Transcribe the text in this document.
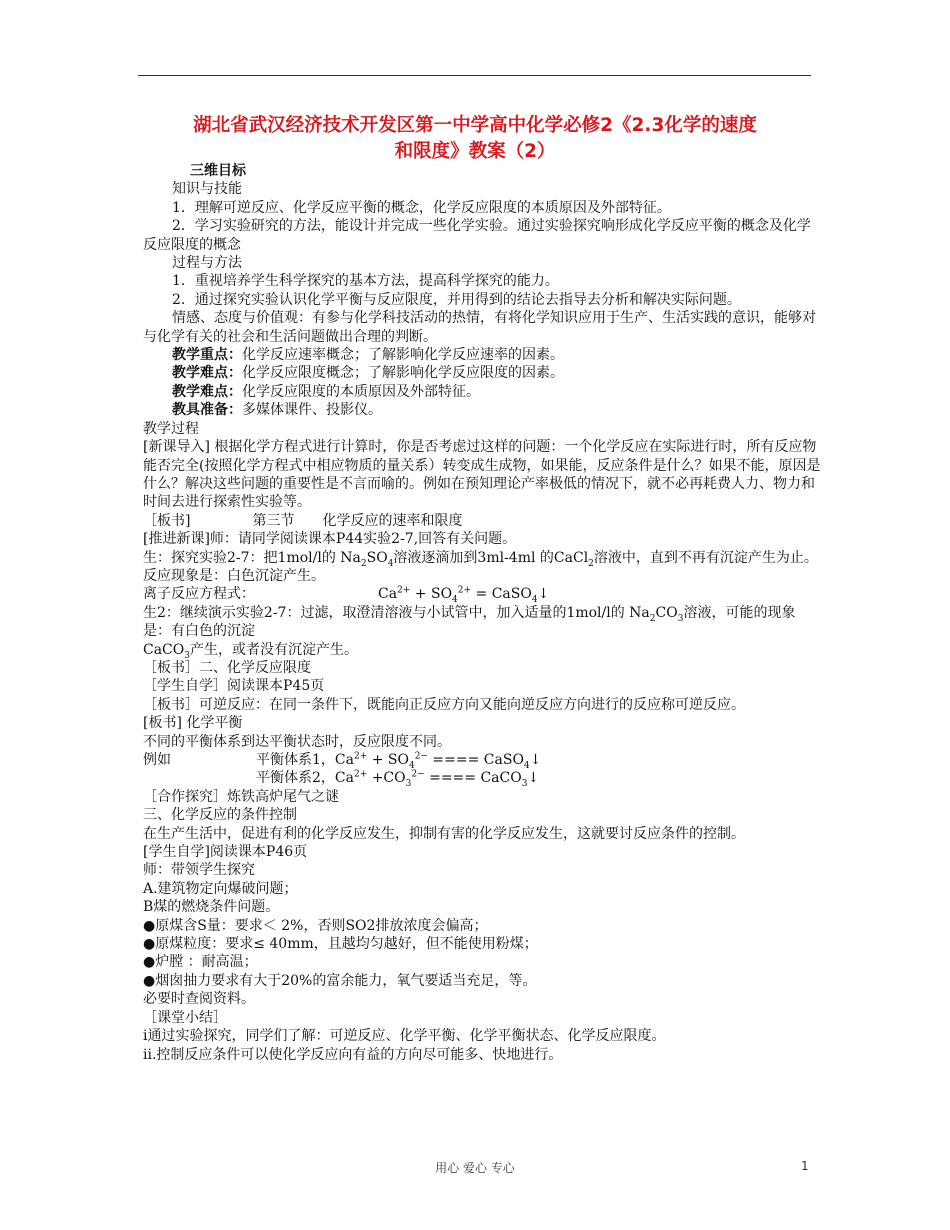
湖北省武汉经济技术开发区第一中学高中化学必修2《2.3化学的速度
和限度》教案（2）

三维目标

知识与技能

1．理解可逆反应、化学反应平衡的概念，化学反应限度的本质原因及外部特征。

2．学习实验研究的方法，能设计并完成一些化学实验。通过实验探究响形成化学反应平衡的概念及化学反应限度的概念

过程与方法

1．重视培养学生科学探究的基本方法，提高科学探究的能力。

2．通过探究实验认识化学平衡与反应限度，并用得到的结论去指导去分析和解决实际问题。

情感、态度与价值观：有参与化学科技活动的热情，有将化学知识应用于生产、生活实践的意识，能够对与化学有关的社会和生活问题做出合理的判断。

教学重点：化学反应速率概念；了解影响化学反应速率的因素。

教学难点：化学反应限度概念；了解影响化学反应限度的因素。

教学难点：化学反应限度的本质原因及外部特征。

教具准备：多媒体课件、投影仪。

教学过程

[新课导入] 根据化学方程式进行计算时，你是否考虑过这样的问题：一个化学反应在实际进行时，所有反应物能否完全(按照化学方程式中相应物质的量关系）转变成生成物，如果能，反应条件是什么？如果不能，原因是什么？解决这些问题的重要性是不言而喻的。例如在预知理论产率极低的情况下，就不必再耗费人力、物力和时间去进行探索性实验等。

［板书]	第三节 化学反应的速率和限度

[推进新课]师：请同学阅读课本P44实验2-7,回答有关问题。

生：探究实验2-7：把1mol/l的 $Na_2SO_4$溶液逐滴加到3ml-4ml 的CaCl$_2$溶液中，直到不再有沉淀产生为止。

反应现象是：白色沉淀产生。

离子反应方程式：	$Ca^{2+} + SO_4^{2+}$ = CaSO$_4$↓

生2：继续演示实验2-7：过滤，取澄清溶液与小试管中，加入适量的1mol/l的 $Na_2CO_3$溶液，可能的现象是：有白色的沉淀

CaCO$_3$产生，或者没有沉淀产生。

［板书］二、化学反应限度

［学生自学］阅读课本P45页

［板书］可逆反应：在同一条件下，既能向正反应方向又能向逆反应方向进行的反应称可逆反应。

[板书] 化学平衡

不同的平衡体系到达平衡状态时，反应限度不同。

例如	平衡体系1，$Ca^{2+} + SO_4^{2-}$ ==== CaSO$_4$↓

平衡体系2，$Ca^{2+} +CO_3^{2-}$ ==== CaCO$_3$↓

［合作探究］炼铁高炉尾气之谜

三、化学反应的条件控制

在生产生活中，促进有利的化学反应发生，抑制有害的化学反应发生，这就要讨反应条件的控制。

[学生自学]阅读课本P46页

师：带领学生探究

A.建筑物定向爆破问题；

B煤的燃烧条件问题。

●原煤含S量：要求＜ 2%，否则SO2排放浓度会偏高；

●原煤粒度：要求≤ 40mm，且越均匀越好，但不能使用粉煤；

●炉膛 ：耐高温；

●烟囱抽力要求有大于20%的富余能力，氧气要适当充足，等。

必要时查阅资料。

［课堂小结］

i通过实验探究，同学们了解：可逆反应、化学平衡、化学平衡状态、化学反应限度。

ii.控制反应条件可以使化学反应向有益的方向尽可能多、快地进行。

用心 爱心 专心	1
